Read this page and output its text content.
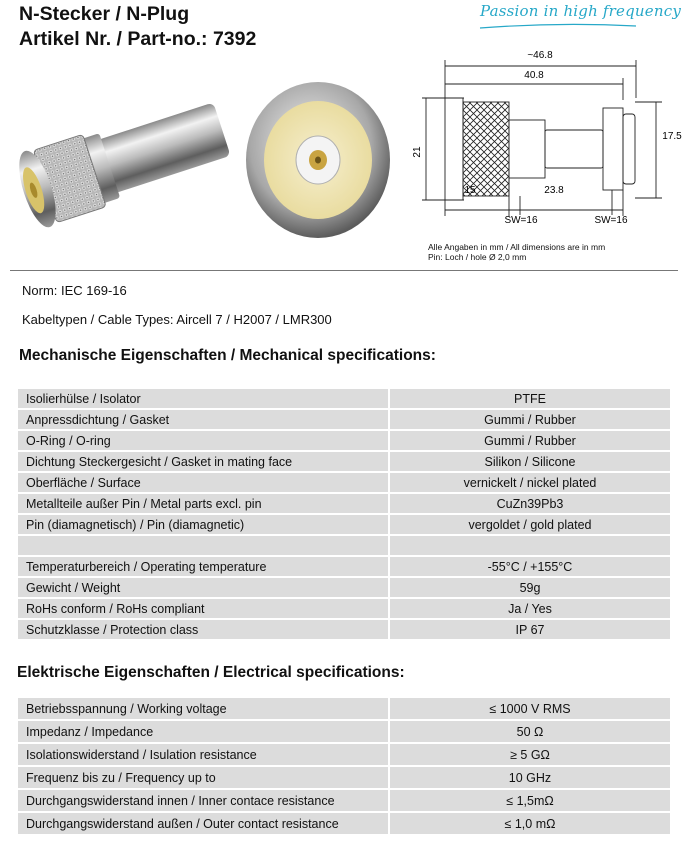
N-Stecker / N-Plug
Artikel Nr. / Part-no.: 7392
Passion in high frequency
~46.8
40.8
21
17.5
15	23.8
SW=16	SW=16
Alle Angaben in mm / All dimensions are in mm
Pin: Loch / hole Ø 2,0 mm
Norm: IEC 169-16
Kabeltypen / Cable Types: Aircell 7 / H2007 / LMR300
Mechanische Eigenschaften / Mechanical specifications:
Isolierhülse / Isolator	PTFE
Anpressdichtung / Gasket	Gummi / Rubber
O-Ring / O-ring	Gummi / Rubber
Dichtung Steckergesicht / Gasket in mating face	Silikon / Silicone
Oberfläche / Surface	vernickelt / nickel plated
Metallteile außer Pin / Metal parts excl. pin	CuZn39Pb3
Pin (diamagnetisch) / Pin (diamagnetic)	vergoldet / gold plated

Temperaturbereich / Operating temperature	-55°C / +155°C
Gewicht / Weight	59g
RoHs conform / RoHs compliant	Ja / Yes
Schutzklasse / Protection class	IP 67
Elektrische Eigenschaften / Electrical specifications:
Betriebsspannung / Working voltage	≤ 1000 V RMS
Impedanz / Impedance	50 Ω
Isolationswiderstand / Isulation resistance	≥ 5 GΩ
Frequenz bis zu / Frequency up to	10 GHz
Durchgangswiderstand innen / Inner contace resistance	≤ 1,5mΩ
Durchgangswiderstand außen / Outer contact resistance	≤ 1,0 mΩ
